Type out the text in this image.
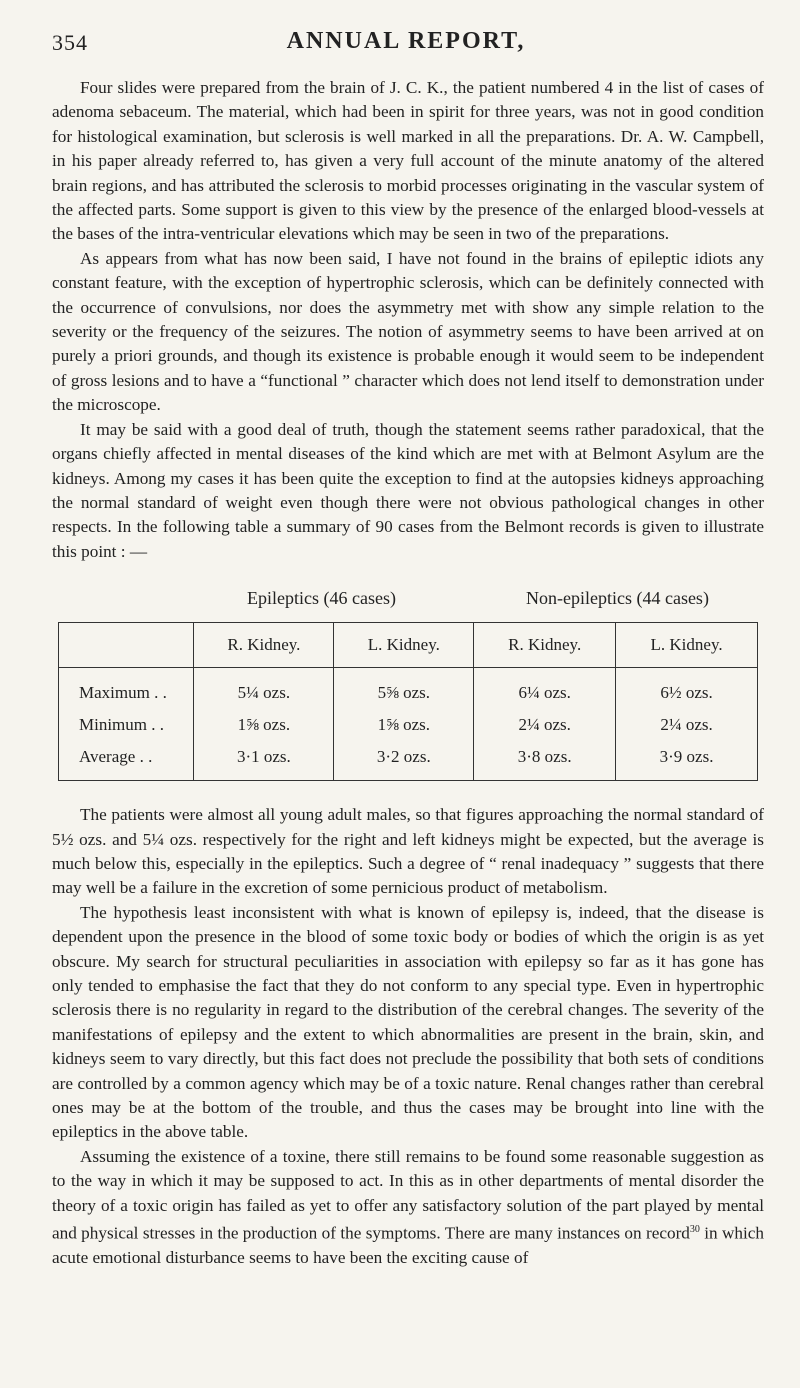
354	ANNUAL REPORT,

Four slides were prepared from the brain of J. C. K., the patient numbered 4 in the list of cases of adenoma sebaceum. The material, which had been in spirit for three years, was not in good condition for histological examination, but sclerosis is well marked in all the preparations. Dr. A. W. Campbell, in his paper already referred to, has given a very full account of the minute anatomy of the altered brain regions, and has attributed the sclerosis to morbid processes originating in the vascular system of the affected parts. Some support is given to this view by the presence of the enlarged blood-vessels at the bases of the intra-ventricular elevations which may be seen in two of the preparations.

As appears from what has now been said, I have not found in the brains of epileptic idiots any constant feature, with the exception of hypertrophic sclerosis, which can be definitely connected with the occurrence of convulsions, nor does the asymmetry met with show any simple relation to the severity or the frequency of the seizures. The notion of asymmetry seems to have been arrived at on purely a priori grounds, and though its existence is probable enough it would seem to be independent of gross lesions and to have a “functional ” character which does not lend itself to demonstration under the microscope.

It may be said with a good deal of truth, though the statement seems rather paradoxical, that the organs chiefly affected in mental diseases of the kind which are met with at Belmont Asylum are the kidneys. Among my cases it has been quite the exception to find at the autopsies kidneys approaching the normal standard of weight even though there were not obvious pathological changes in other respects. In the following table a summary of 90 cases from the Belmont records is given to illustrate this point : —

Epileptics (46 cases)	Non-epileptics (44 cases)
	R. Kidney.	L. Kidney.	R. Kidney.	L. Kidney.
Maximum . .	5¼ ozs.	5⅝ ozs.	6¼ ozs.	6½ ozs.
Minimum . .	1⅝ ozs.	1⅝ ozs.	2¼ ozs.	2¼ ozs.
Average . .	3·1 ozs.	3·2 ozs.	3·8 ozs.	3·9 ozs.

The patients were almost all young adult males, so that figures approaching the normal standard of 5½ ozs. and 5¼ ozs. respectively for the right and left kidneys might be expected, but the average is much below this, especially in the epileptics. Such a degree of “ renal inadequacy ” suggests that there may well be a failure in the excretion of some pernicious product of metabolism.

The hypothesis least inconsistent with what is known of epilepsy is, indeed, that the disease is dependent upon the presence in the blood of some toxic body or bodies of which the origin is as yet obscure. My search for structural peculiarities in association with epilepsy so far as it has gone has only tended to emphasise the fact that they do not conform to any special type. Even in hypertrophic sclerosis there is no regularity in regard to the distribution of the cerebral changes. The severity of the manifestations of epilepsy and the extent to which abnormalities are present in the brain, skin, and kidneys seem to vary directly, but this fact does not preclude the possibility that both sets of conditions are controlled by a common agency which may be of a toxic nature. Renal changes rather than cerebral ones may be at the bottom of the trouble, and thus the cases may be brought into line with the epileptics in the above table.

Assuming the existence of a toxine, there still remains to be found some reasonable suggestion as to the way in which it may be supposed to act. In this as in other departments of mental disorder the theory of a toxic origin has failed as yet to offer any satisfactory solution of the part played by mental and physical stresses in the production of the symptoms. There are many instances on record$^{30}$ in which acute emotional disturbance seems to have been the exciting cause of
